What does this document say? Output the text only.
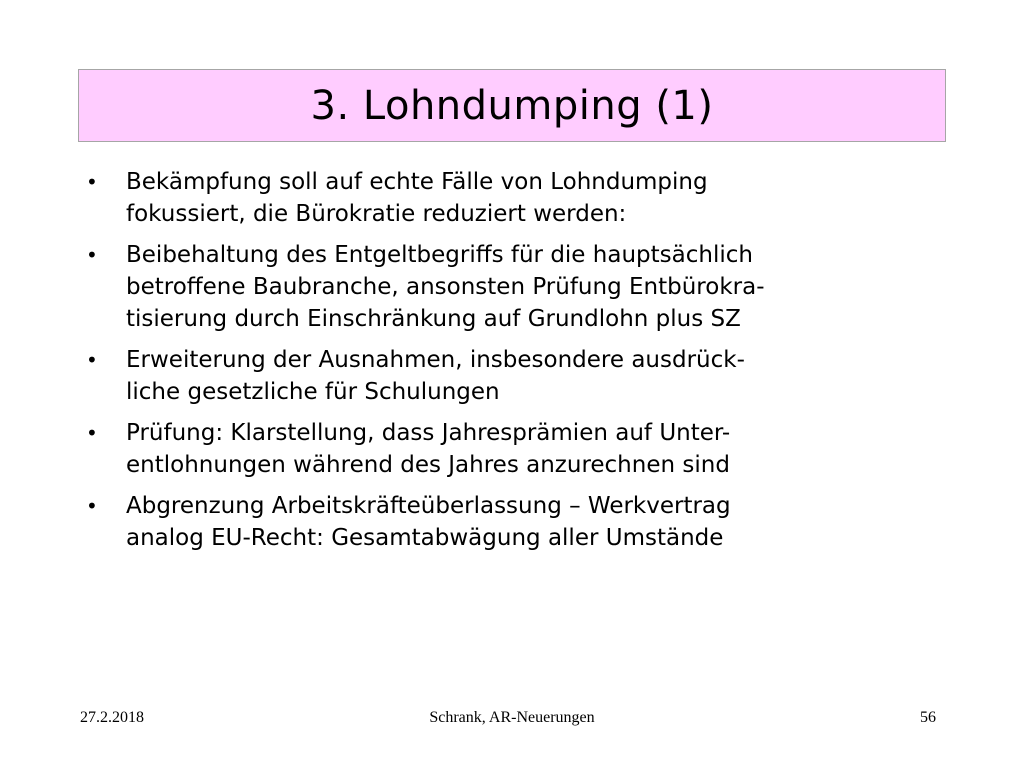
3. Lohndumping (1)
•	Bekämpfung soll auf echte Fälle von Lohndumping
fokussiert, die Bürokratie reduziert werden:
•	Beibehaltung des Entgeltbegriffs für die hauptsächlich
betroffene Baubranche, ansonsten Prüfung Entbürokra-
tisierung durch Einschränkung auf Grundlohn plus SZ
•	Erweiterung der Ausnahmen, insbesondere ausdrück-
liche gesetzliche für Schulungen
•	Prüfung: Klarstellung, dass Jahresprämien auf Unter-
entlohnungen während des Jahres anzurechnen sind
•	Abgrenzung Arbeitskräfteüberlassung – Werkvertrag
analog EU-Recht: Gesamtabwägung aller Umstände
27.2.2018	Schrank, AR-Neuerungen	56
